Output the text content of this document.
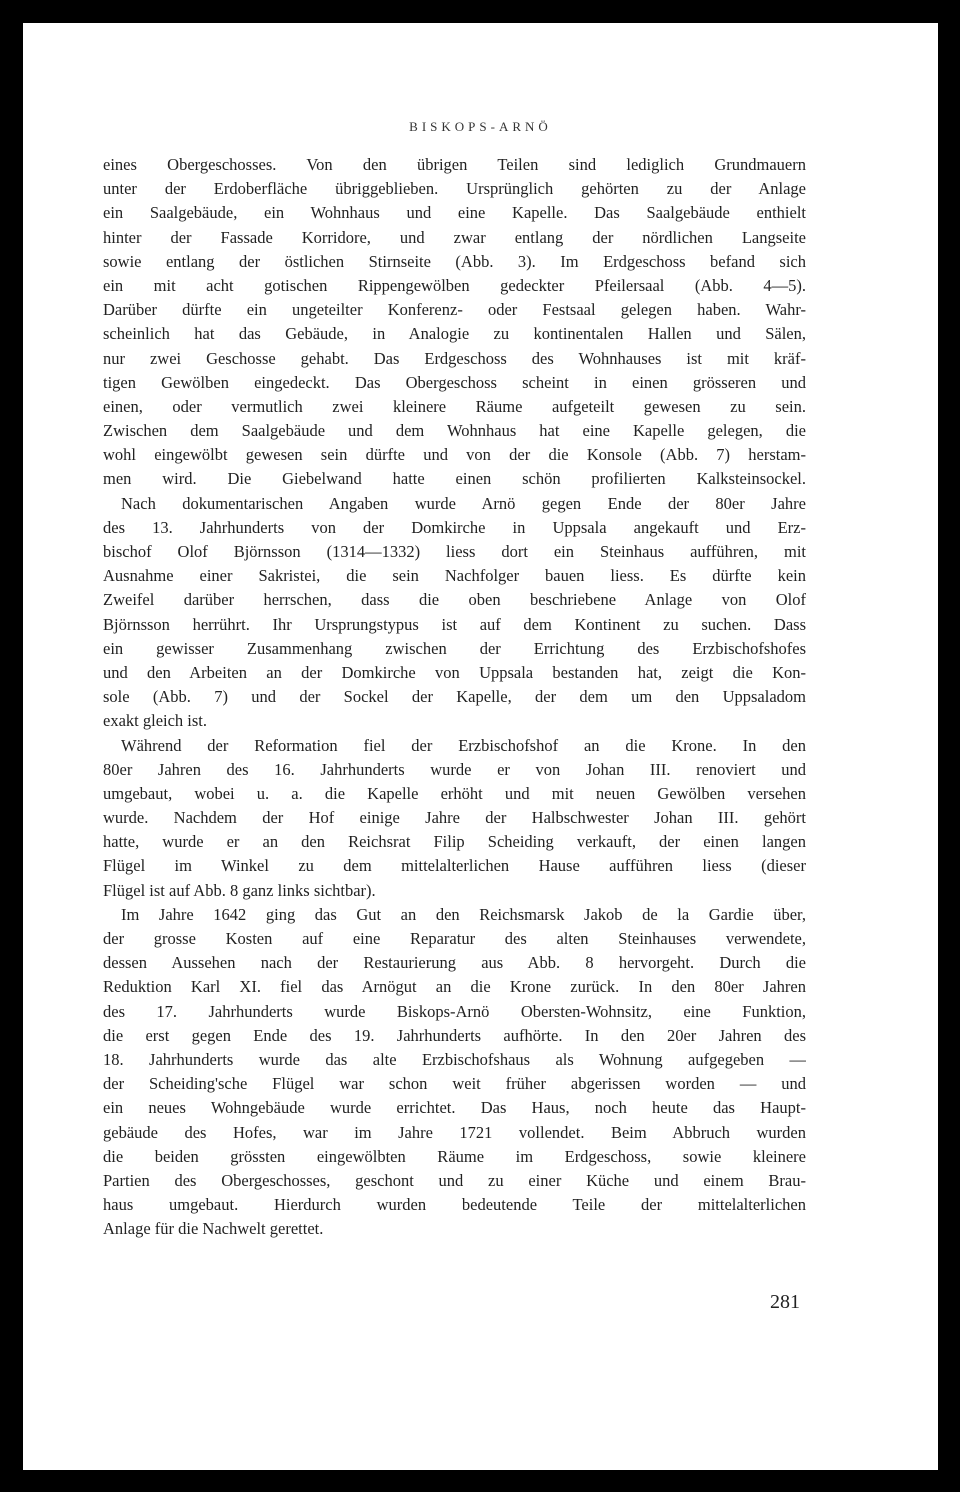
BISKOPS-ARNÖ
eines Obergeschosses. Von den übrigen Teilen sind lediglich Grundmauern
unter der Erdoberfläche übriggeblieben. Ursprünglich gehörten zu der Anlage
ein Saalgebäude, ein Wohnhaus und eine Kapelle. Das Saalgebäude enthielt
hinter der Fassade Korridore, und zwar entlang der nördlichen Langseite
sowie entlang der östlichen Stirnseite (Abb. 3). Im Erdgeschoss befand sich
ein mit acht gotischen Rippengewölben gedeckter Pfeilersaal (Abb. 4—5).
Darüber dürfte ein ungeteilter Konferenz- oder Festsaal gelegen haben. Wahr-
scheinlich hat das Gebäude, in Analogie zu kontinentalen Hallen und Sälen,
nur zwei Geschosse gehabt. Das Erdgeschoss des Wohnhauses ist mit kräf-
tigen Gewölben eingedeckt. Das Obergeschoss scheint in einen grösseren und
einen, oder vermutlich zwei kleinere Räume aufgeteilt gewesen zu sein.
Zwischen dem Saalgebäude und dem Wohnhaus hat eine Kapelle gelegen, die
wohl eingewölbt gewesen sein dürfte und von der die Konsole (Abb. 7) herstam-
men wird. Die Giebelwand hatte einen schön profilierten Kalksteinsockel.
Nach dokumentarischen Angaben wurde Arnö gegen Ende der 80er Jahre
des 13. Jahrhunderts von der Domkirche in Uppsala angekauft und Erz-
bischof Olof Björnsson (1314—1332) liess dort ein Steinhaus aufführen, mit
Ausnahme einer Sakristei, die sein Nachfolger bauen liess. Es dürfte kein
Zweifel darüber herrschen, dass die oben beschriebene Anlage von Olof
Björnsson herrührt. Ihr Ursprungstypus ist auf dem Kontinent zu suchen. Dass
ein gewisser Zusammenhang zwischen der Errichtung des Erzbischofshofes
und den Arbeiten an der Domkirche von Uppsala bestanden hat, zeigt die Kon-
sole (Abb. 7) und der Sockel der Kapelle, der dem um den Uppsaladom
exakt gleich ist.
Während der Reformation fiel der Erzbischofshof an die Krone. In den
80er Jahren des 16. Jahrhunderts wurde er von Johan III. renoviert und
umgebaut, wobei u. a. die Kapelle erhöht und mit neuen Gewölben versehen
wurde. Nachdem der Hof einige Jahre der Halbschwester Johan III. gehört
hatte, wurde er an den Reichsrat Filip Scheiding verkauft, der einen langen
Flügel im Winkel zu dem mittelalterlichen Hause aufführen liess (dieser
Flügel ist auf Abb. 8 ganz links sichtbar).
Im Jahre 1642 ging das Gut an den Reichsmarsk Jakob de la Gardie über,
der grosse Kosten auf eine Reparatur des alten Steinhauses verwendete,
dessen Aussehen nach der Restaurierung aus Abb. 8 hervorgeht. Durch die
Reduktion Karl XI. fiel das Arnögut an die Krone zurück. In den 80er Jahren
des 17. Jahrhunderts wurde Biskops-Arnö Obersten-Wohnsitz, eine Funktion,
die erst gegen Ende des 19. Jahrhunderts aufhörte. In den 20er Jahren des
18. Jahrhunderts wurde das alte Erzbischofshaus als Wohnung aufgegeben —
der Scheiding'sche Flügel war schon weit früher abgerissen worden — und
ein neues Wohngebäude wurde errichtet. Das Haus, noch heute das Haupt-
gebäude des Hofes, war im Jahre 1721 vollendet. Beim Abbruch wurden
die beiden grössten eingewölbten Räume im Erdgeschoss, sowie kleinere
Partien des Obergeschosses, geschont und zu einer Küche und einem Brau-
haus umgebaut. Hierdurch wurden bedeutende Teile der mittelalterlichen
Anlage für die Nachwelt gerettet.
281
